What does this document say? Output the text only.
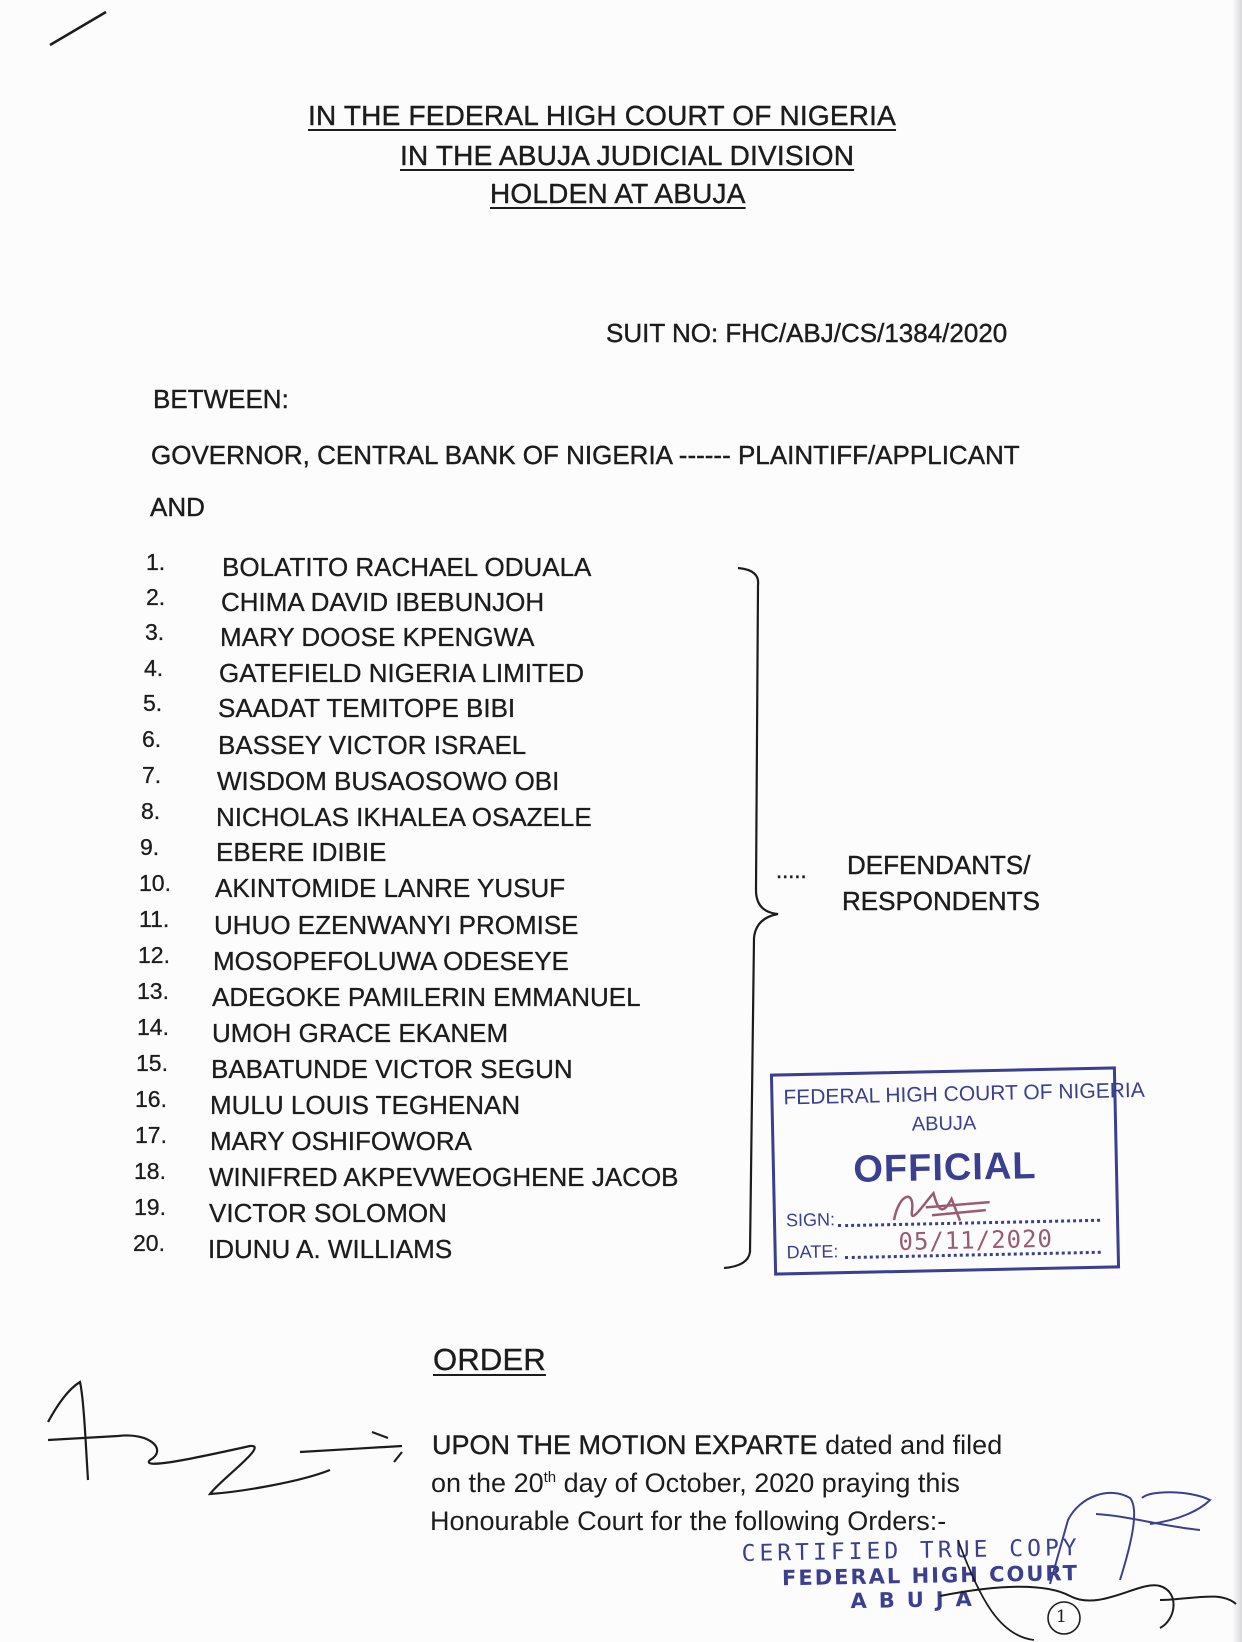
IN THE FEDERAL HIGH COURT OF NIGERIA
IN THE ABUJA JUDICIAL DIVISION
HOLDEN AT ABUJA
SUIT NO: FHC/ABJ/CS/1384/2020
BETWEEN:
GOVERNOR, CENTRAL BANK OF NIGERIA ------ PLAINTIFF/APPLICANT
AND
1. BOLATITO RACHAEL ODUALA
2. CHIMA DAVID IBEBUNJOH
3. MARY DOOSE KPENGWA
4. GATEFIELD NIGERIA LIMITED
5. SAADAT TEMITOPE BIBI
6. BASSEY VICTOR ISRAEL
7. WISDOM BUSAOSOWO OBI
8. NICHOLAS IKHALEA OSAZELE
9. EBERE IDIBIE
10. AKINTOMIDE LANRE YUSUF
11. UHUO EZENWANYI PROMISE
12. MOSOPEFOLUWA ODESEYE
13. ADEGOKE PAMILERIN EMMANUEL
14. UMOH GRACE EKANEM
15. BABATUNDE VICTOR SEGUN
16. MULU LOUIS TEGHENAN
17. MARY OSHIFOWORA
18. WINIFRED AKPEVWEOGHENE JACOB
19. VICTOR SOLOMON
20. IDUNU A. WILLIAMS
..... DEFENDANTS/
RESPONDENTS
FEDERAL HIGH COURT OF NIGERIA
ABUJA
OFFICIAL
SIGN:
DATE: 05/11/2020
ORDER
UPON THE MOTION EXPARTE dated and filed
on the 20th day of October, 2020 praying this
Honourable Court for the following Orders:-
CERTIFIED TRUE COPY
FEDERAL HIGH COURT
ABUJA
1
